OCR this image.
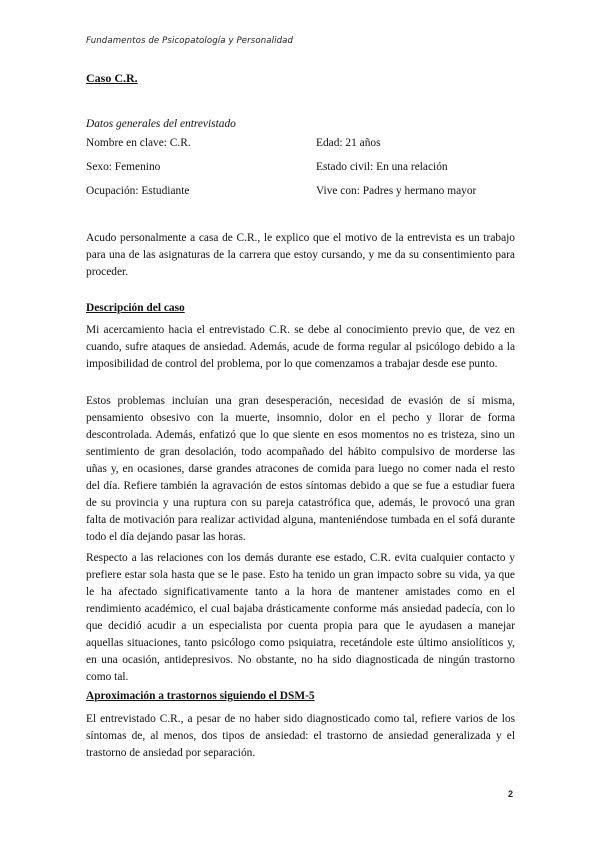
Fundamentos de Psicopatología y Personalidad
Caso C.R.
Datos generales del entrevistado
Nombre en clave: C.R.	Edad: 21 años
Sexo: Femenino	Estado civil: En una relación
Ocupación: Estudiante	Vive con: Padres y hermano mayor

Acudo personalmente a casa de C.R., le explico que el motivo de la entrevista es un trabajo para una de las asignaturas de la carrera que estoy cursando, y me da su consentimiento para proceder.

Descripción del caso

Mi acercamiento hacia el entrevistado C.R. se debe al conocimiento previo que, de vez en cuando, sufre ataques de ansiedad. Además, acude de forma regular al psicólogo debido a la imposibilidad de control del problema, por lo que comenzamos a trabajar desde ese punto.

Estos problemas incluían una gran desesperación, necesidad de evasión de sí misma, pensamiento obsesivo con la muerte, insomnio, dolor en el pecho y llorar de forma descontrolada. Además, enfatizó que lo que siente en esos momentos no es tristeza, sino un sentimiento de gran desolación, todo acompañado del hábito compulsivo de morderse las uñas y, en ocasiones, darse grandes atracones de comida para luego no comer nada el resto del día. Refiere también la agravación de estos síntomas debido a que se fue a estudiar fuera de su provincia y una ruptura con su pareja catastrófica que, además, le provocó una gran falta de motivación para realizar actividad alguna, manteniéndose tumbada en el sofá durante todo el día dejando pasar las horas.

Respecto a las relaciones con los demás durante ese estado, C.R. evita cualquier contacto y prefiere estar sola hasta que se le pase. Esto ha tenido un gran impacto sobre su vida, ya que le ha afectado significativamente tanto a la hora de mantener amistades como en el rendimiento académico, el cual bajaba drásticamente conforme más ansiedad padecía, con lo que decidió acudir a un especialista por cuenta propia para que le ayudasen a manejar aquellas situaciones, tanto psicólogo como psiquiatra, recetándole este último ansiolíticos y, en una ocasión, antidepresivos. No obstante, no ha sido diagnosticada de ningún trastorno como tal.

Aproximación a trastornos siguiendo el DSM-5

El entrevistado C.R., a pesar de no haber sido diagnosticado como tal, refiere varios de los síntomas de, al menos, dos tipos de ansiedad: el trastorno de ansiedad generalizada y el trastorno de ansiedad por separación.

2
